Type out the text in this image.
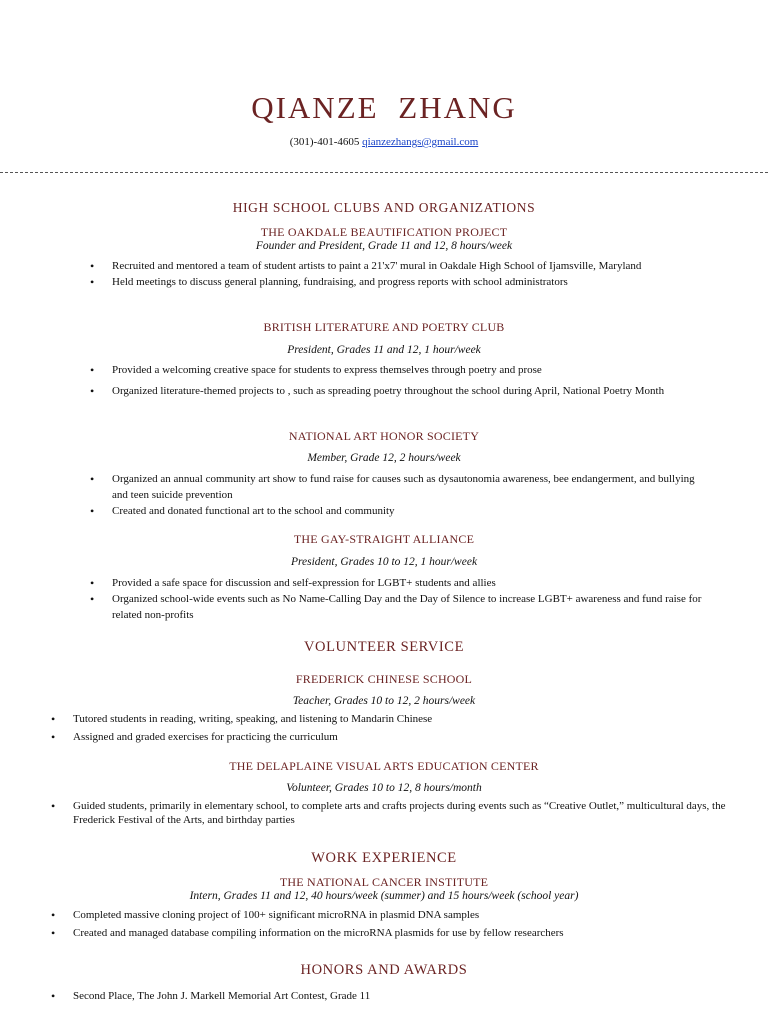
QIANZE ZHANG
(301)-401-4605 qianzezhangs@gmail.com
HIGH SCHOOL CLUBS AND ORGANIZATIONS
THE OAKDALE BEAUTIFICATION PROJECT
Founder and President, Grade 11 and 12, 8 hours/week
• Recruited and mentored a team of student artists to paint a 21'x7' mural in Oakdale High School of Ijamsville, Maryland
• Held meetings to discuss general planning, fundraising, and progress reports with school administrators
BRITISH LITERATURE AND POETRY CLUB
President, Grades 11 and 12, 1 hour/week
• Provided a welcoming creative space for students to express themselves through poetry and prose
• Organized literature-themed projects to , such as spreading poetry throughout the school during April, National Poetry Month
NATIONAL ART HONOR SOCIETY
Member, Grade 12, 2 hours/week
• Organized an annual community art show to fund raise for causes such as dysautonomia awareness, bee endangerment, and bullying and teen suicide prevention
• Created and donated functional art to the school and community
THE GAY-STRAIGHT ALLIANCE
President, Grades 10 to 12, 1 hour/week
• Provided a safe space for discussion and self-expression for LGBT+ students and allies
• Organized school-wide events such as No Name-Calling Day and the Day of Silence to increase LGBT+ awareness and fund raise for related non-profits
VOLUNTEER SERVICE
FREDERICK CHINESE SCHOOL
Teacher, Grades 10 to 12, 2 hours/week
• Tutored students in reading, writing, speaking, and listening to Mandarin Chinese
• Assigned and graded exercises for practicing the curriculum
THE DELAPLAINE VISUAL ARTS EDUCATION CENTER
Volunteer, Grades 10 to 12, 8 hours/month
• Guided students, primarily in elementary school, to complete arts and crafts projects during events such as “Creative Outlet,” multicultural days, the Frederick Festival of the Arts, and birthday parties
WORK EXPERIENCE
THE NATIONAL CANCER INSTITUTE
Intern, Grades 11 and 12, 40 hours/week (summer) and 15 hours/week (school year)
• Completed massive cloning project of 100+ significant microRNA in plasmid DNA samples
• Created and managed database compiling information on the microRNA plasmids for use by fellow researchers
HONORS AND AWARDS
• Second Place, The John J. Markell Memorial Art Contest, Grade 11
